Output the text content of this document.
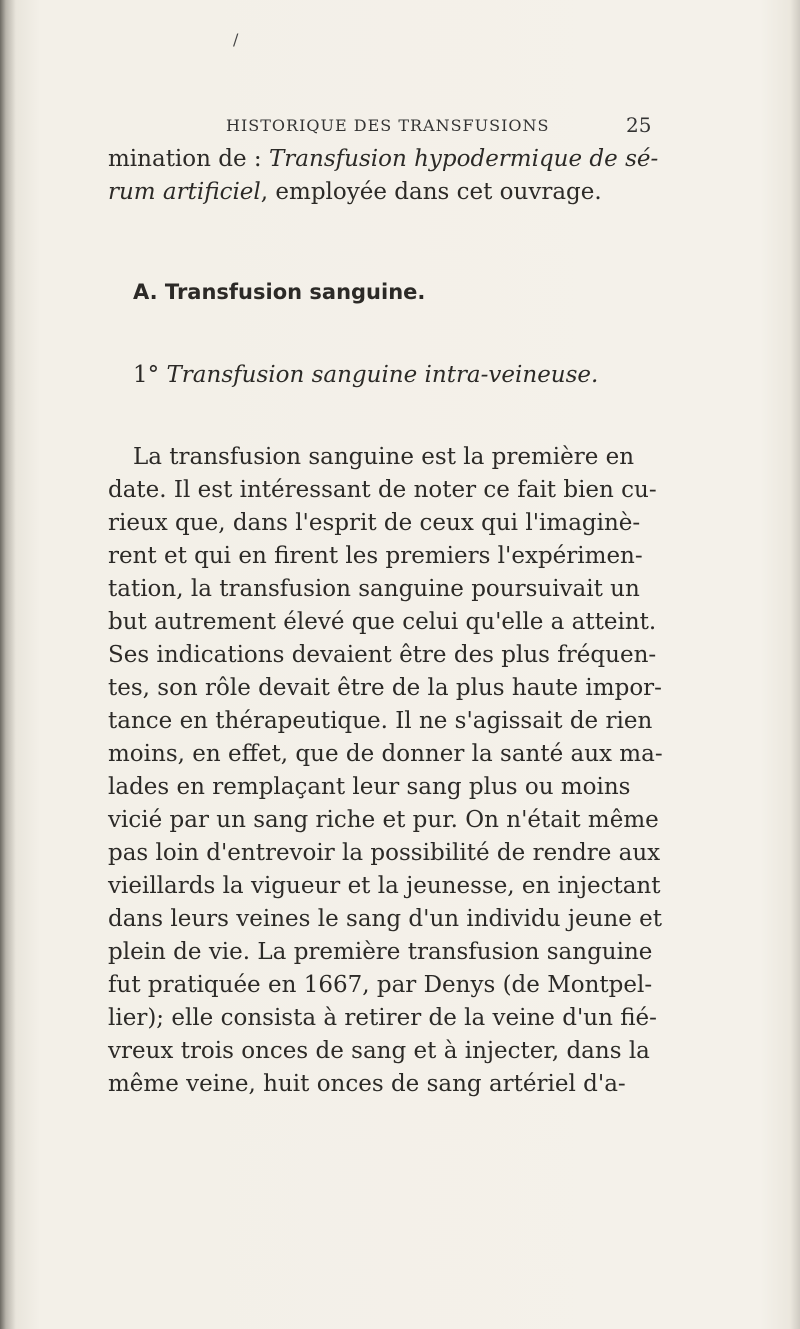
/
HISTORIQUE DES TRANSFUSIONS	25
mination de : Transfusion hypodermique de sé-
rum artificiel, employée dans cet ouvrage.
A. Transfusion sanguine.
1° Transfusion sanguine intra-veineuse.
La transfusion sanguine est la première en
date. Il est intéressant de noter ce fait bien cu-
rieux que, dans l'esprit de ceux qui l'imaginè-
rent et qui en firent les premiers l'expérimen-
tation, la transfusion sanguine poursuivait un
but autrement élevé que celui qu'elle a atteint.
Ses indications devaient être des plus fréquen-
tes, son rôle devait être de la plus haute impor-
tance en thérapeutique. Il ne s'agissait de rien
moins, en effet, que de donner la santé aux ma-
lades en remplaçant leur sang plus ou moins
vicié par un sang riche et pur. On n'était même
pas loin d'entrevoir la possibilité de rendre aux
vieillards la vigueur et la jeunesse, en injectant
dans leurs veines le sang d'un individu jeune et
plein de vie. La première transfusion sanguine
fut pratiquée en 1667, par Denys (de Montpel-
lier); elle consista à retirer de la veine d'un fié-
vreux trois onces de sang et à injecter, dans la
même veine, huit onces de sang artériel d'a-
